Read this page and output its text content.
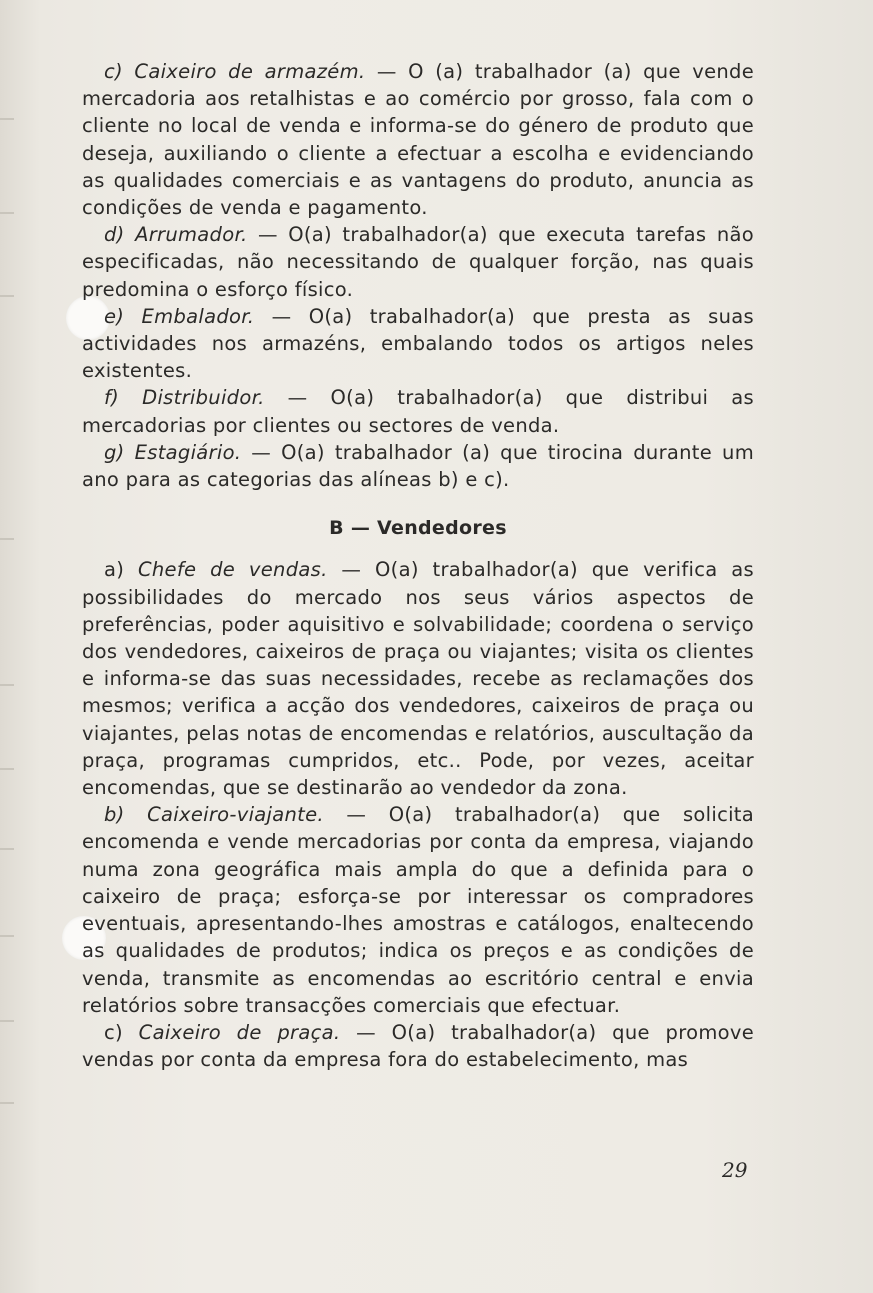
c) Caixeiro de armazém. — O (a) trabalhador (a) que vende mercadoria aos retalhistas e ao comércio por grosso, fala com o cliente no local de venda e informa-se do género de produto que deseja, auxiliando o cliente a efectuar a escolha e evidenciando as qualidades comerciais e as vantagens do produto, anuncia as condições de venda e pagamento.

d) Arrumador. — O(a) trabalhador(a) que executa tarefas não especificadas, não necessitando de qualquer forção, nas quais predomina o esforço físico.

e) Embalador. — O(a) trabalhador(a) que presta as suas actividades nos armazéns, embalando todos os artigos neles existentes.

f) Distribuidor. — O(a) trabalhador(a) que distribui as mercadorias por clientes ou sectores de venda.

g) Estagiário. — O(a) trabalhador (a) que tirocina durante um ano para as categorias das alíneas b) e c).

B — Vendedores

a) Chefe de vendas. — O(a) trabalhador(a) que verifica as possibilidades do mercado nos seus vários aspectos de preferências, poder aquisitivo e solvabilidade; coordena o serviço dos vendedores, caixeiros de praça ou viajantes; visita os clientes e informa-se das suas necessidades, recebe as reclamações dos mesmos; verifica a acção dos vendedores, caixeiros de praça ou viajantes, pelas notas de encomendas e relatórios, auscultação da praça, programas cumpridos, etc.. Pode, por vezes, aceitar encomendas, que se destinarão ao vendedor da zona.

b) Caixeiro-viajante. — O(a) trabalhador(a) que solicita encomenda e vende mercadorias por conta da empresa, viajando numa zona geográfica mais ampla do que a definida para o caixeiro de praça; esforça-se por interessar os compradores eventuais, apresentando-lhes amostras e catálogos, enaltecendo as qualidades de produtos; indica os preços e as condições de venda, transmite as encomendas ao escritório central e envia relatórios sobre transacções comerciais que efectuar.

c) Caixeiro de praça. — O(a) trabalhador(a) que promove vendas por conta da empresa fora do estabelecimento, mas

29
